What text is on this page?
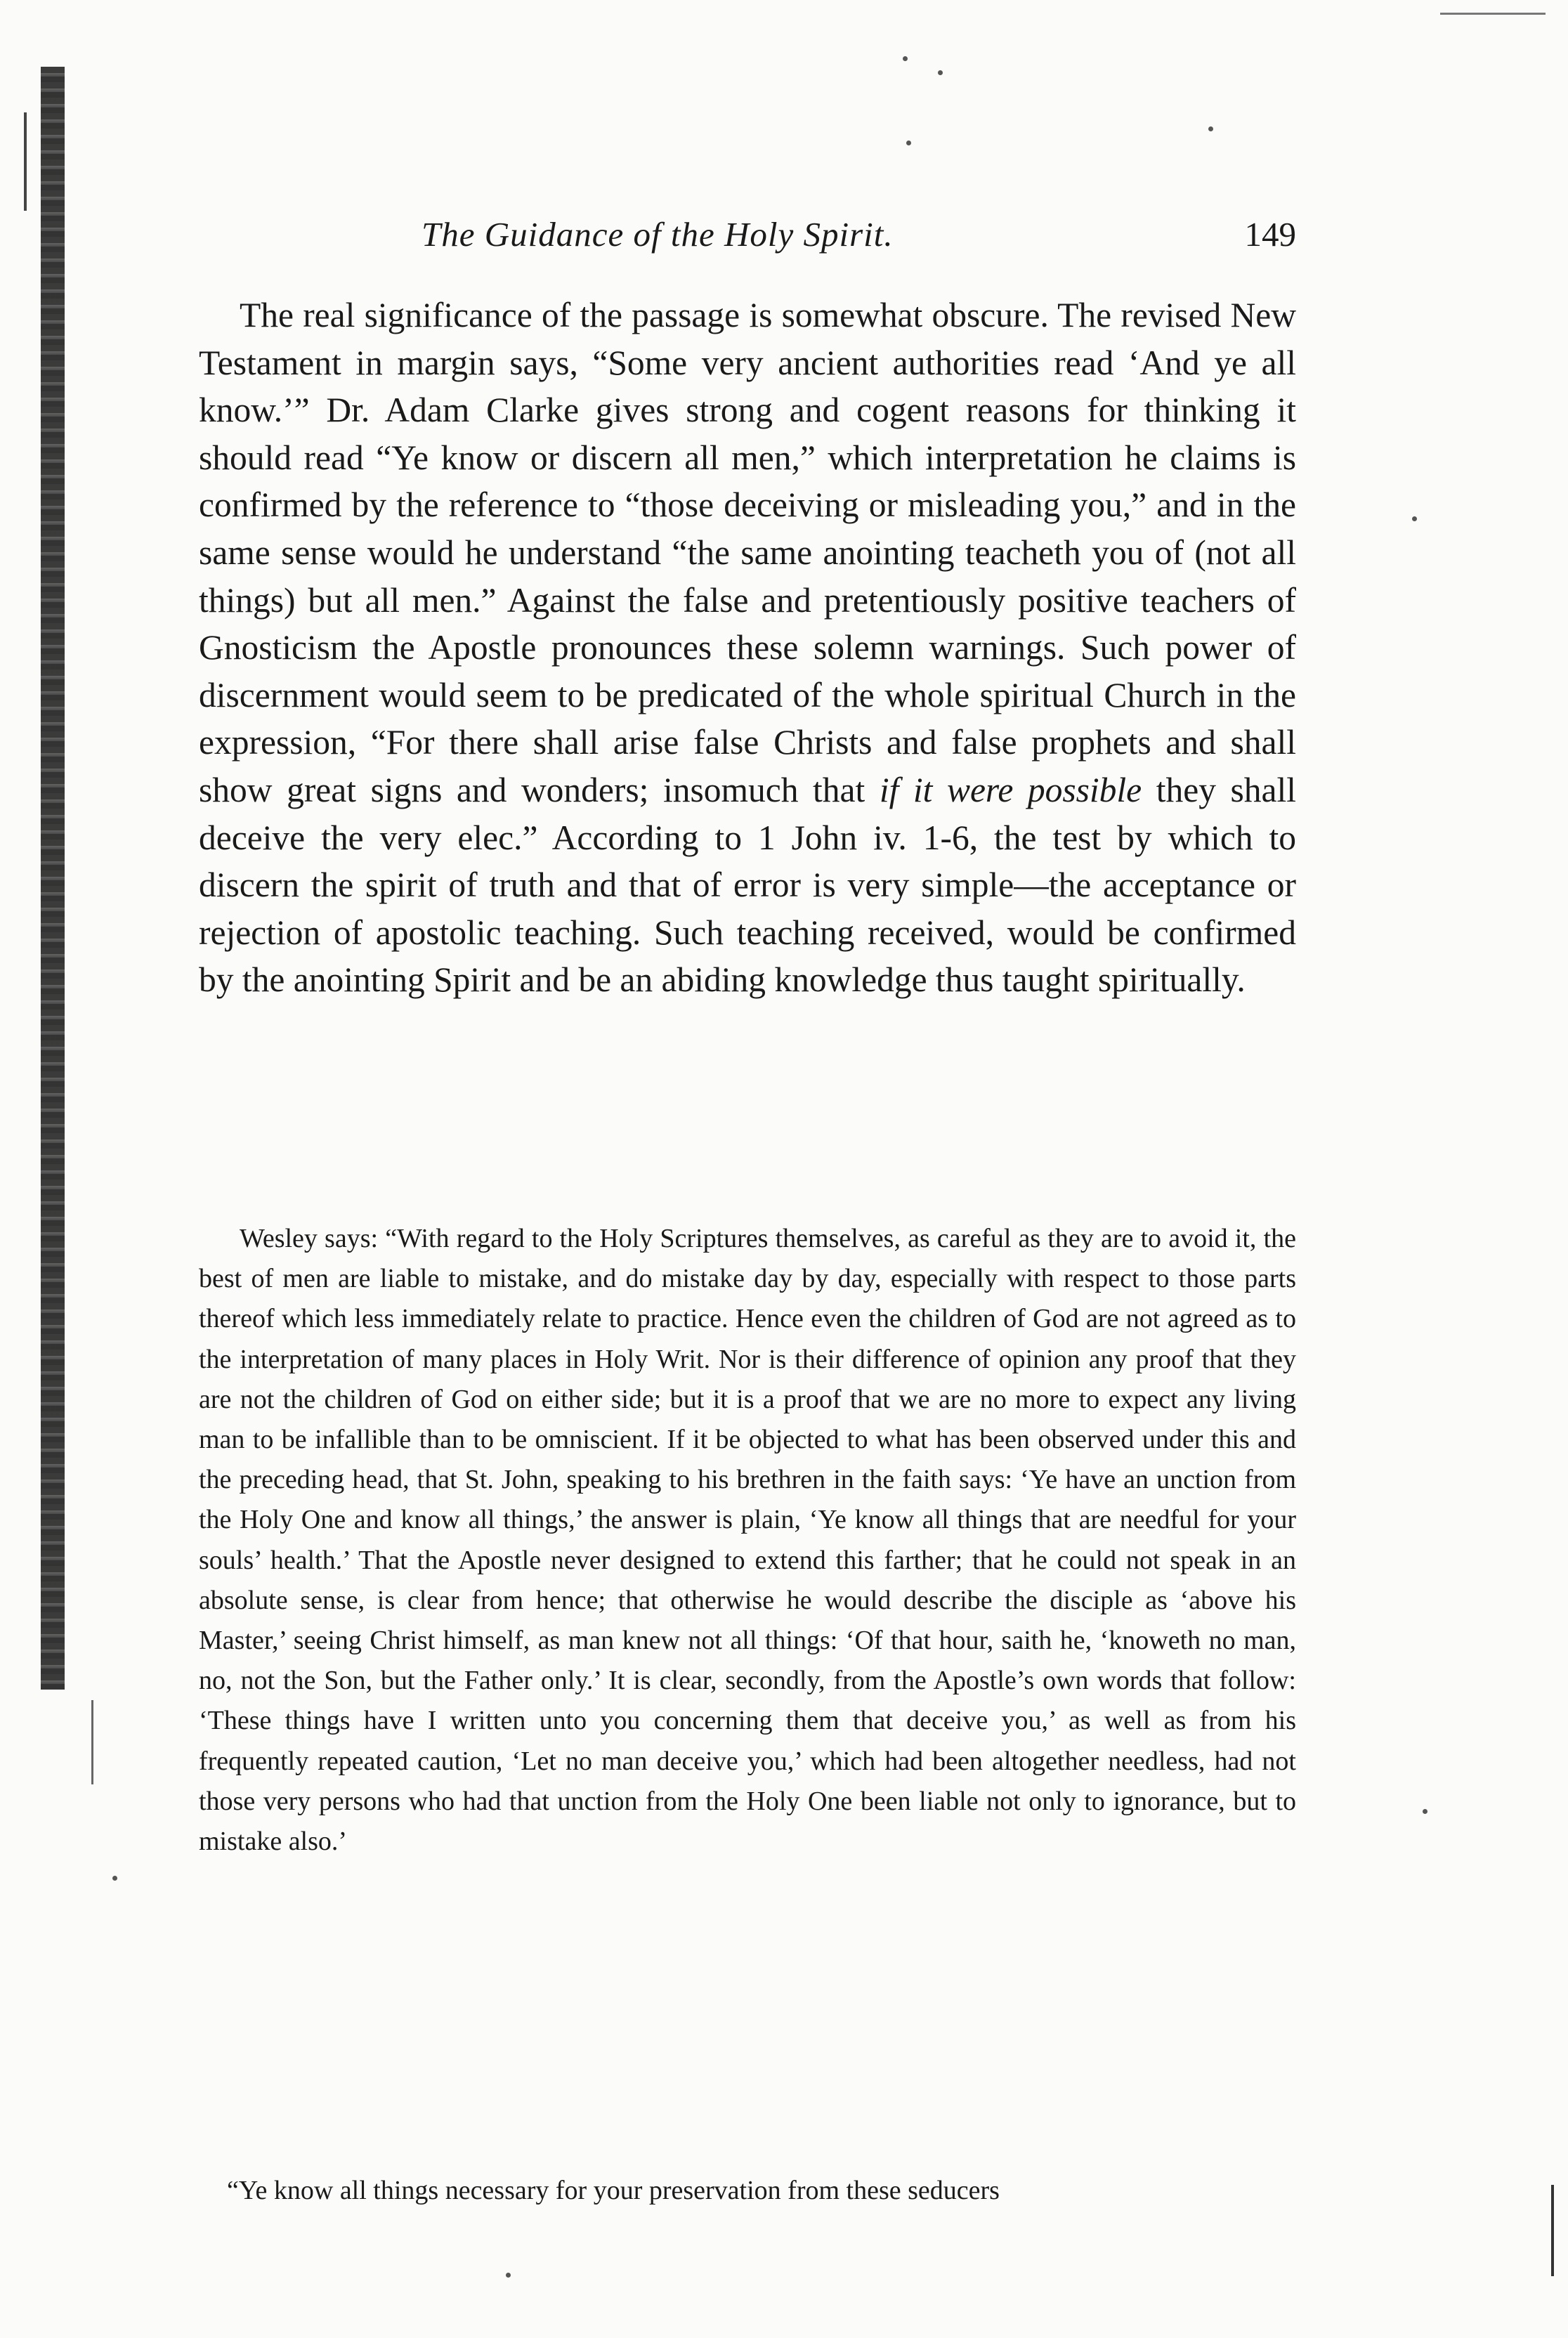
The Guidance of the Holy Spirit.	149

The real significance of the passage is somewhat obscure. The revised New Testament in margin says, “Some very ancient authorities read ‘And ye all know.’” Dr. Adam Clarke gives strong and cogent reasons for thinking it should read “Ye know or discern all men,” which interpretation he claims is confirmed by the reference to “those deceiving or misleading you,” and in the same sense would he understand “the same anointing teacheth you of (not all things) but all men.” Against the false and pretentiously positive teachers of Gnosticism the Apostle pronounces these solemn warnings. Such power of discernment would seem to be predicated of the whole spiritual Church in the expression, “For there shall arise false Christs and false prophets and shall show great signs and wonders; insomuch that if it were possible they shall deceive the very elec.” According to 1 John iv. 1-6, the test by which to discern the spirit of truth and that of error is very simple—the acceptance or rejection of apostolic teaching. Such teaching received, would be confirmed by the anointing Spirit and be an abiding knowledge thus taught spiritually.

Wesley says: “With regard to the Holy Scriptures themselves, as careful as they are to avoid it, the best of men are liable to mistake, and do mistake day by day, especially with respect to those parts thereof which less immediately relate to practice. Hence even the children of God are not agreed as to the interpretation of many places in Holy Writ. Nor is their difference of opinion any proof that they are not the children of God on either side; but it is a proof that we are no more to expect any living man to be infallible than to be omniscient. If it be objected to what has been observed under this and the preceding head, that St. John, speaking to his brethren in the faith says: ‘Ye have an unction from the Holy One and know all things,’ the answer is plain, ‘Ye know all things that are needful for your souls’ health.’ That the Apostle never designed to extend this farther; that he could not speak in an absolute sense, is clear from hence; that otherwise he would describe the disciple as ‘above his Master,’ seeing Christ himself, as man knew not all things: ‘Of that hour, saith he, ‘knoweth no man, no, not the Son, but the Father only.’ It is clear, secondly, from the Apostle’s own words that follow: ‘These things have I written unto you concerning them that deceive you,’ as well as from his frequently repeated caution, ‘Let no man deceive you,’ which had been altogether needless, had not those very persons who had that unction from the Holy One been liable not only to ignorance, but to mistake also.’

“Ye know all things necessary for your preservation from these seducers
